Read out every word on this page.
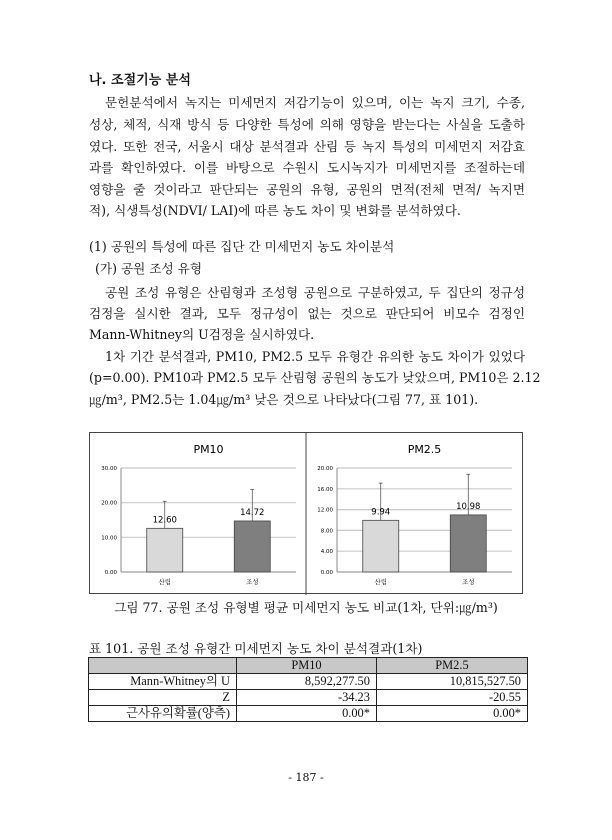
나. 조절기능 분석
문헌분석에서 녹지는 미세먼지 저감기능이 있으며, 이는 녹지 크기, 수종,
성상, 체적, 식재 방식 등 다양한 특성에 의해 영향을 받는다는 사실을 도출하
였다. 또한 전국, 서울시 대상 분석결과 산림 등 녹지 특성의 미세먼지 저감효
과를 확인하였다. 이를 바탕으로 수원시 도시녹지가 미세먼지를 조절하는데
영향을 줄 것이라고 판단되는 공원의 유형, 공원의 면적(전체 면적/ 녹지면
적), 식생특성(NDVI/ LAI)에 따른 농도 차이 및 변화를 분석하였다.
(1) 공원의 특성에 따른 집단 간 미세먼지 농도 차이분석
(가) 공원 조성 유형
공원 조성 유형은 산림형과 조성형 공원으로 구분하였고, 두 집단의 정규성
검정을 실시한 결과, 모두 정규성이 없는 것으로 판단되어 비모수 검정인
Mann-Whitney의 U검정을 실시하였다.
1차 기간 분석결과, PM10, PM2.5 모두 유형간 유의한 농도 차이가 있었다
(p=0.00). PM10과 PM2.5 모두 산림형 공원의 농도가 낮았으며, PM10은 2.12
㎍/m³, PM2.5는 1.04㎍/m³ 낮은 것으로 나타났다(그림 77, 표 101).
PM10
0.00
10.00
20.00
30.00
12.60
산림
14.72
조성
PM2.5
0.00
4.00
8.00
12.00
16.00
20.00
9.94
산림
10.98
조성
그림 77. 공원 조성 유형별 평균 미세먼지 농도 비교(1차, 단위:㎍/m³)
표 101. 공원 조성 유형간 미세먼지 농도 차이 분석결과(1차)
	PM10	PM2.5
Mann-Whitney의 U	8,592,277.50	10,815,527.50
Z	-34.23	-20.55
근사유의확률(양측)	0.00*	0.00*
- 187 -
